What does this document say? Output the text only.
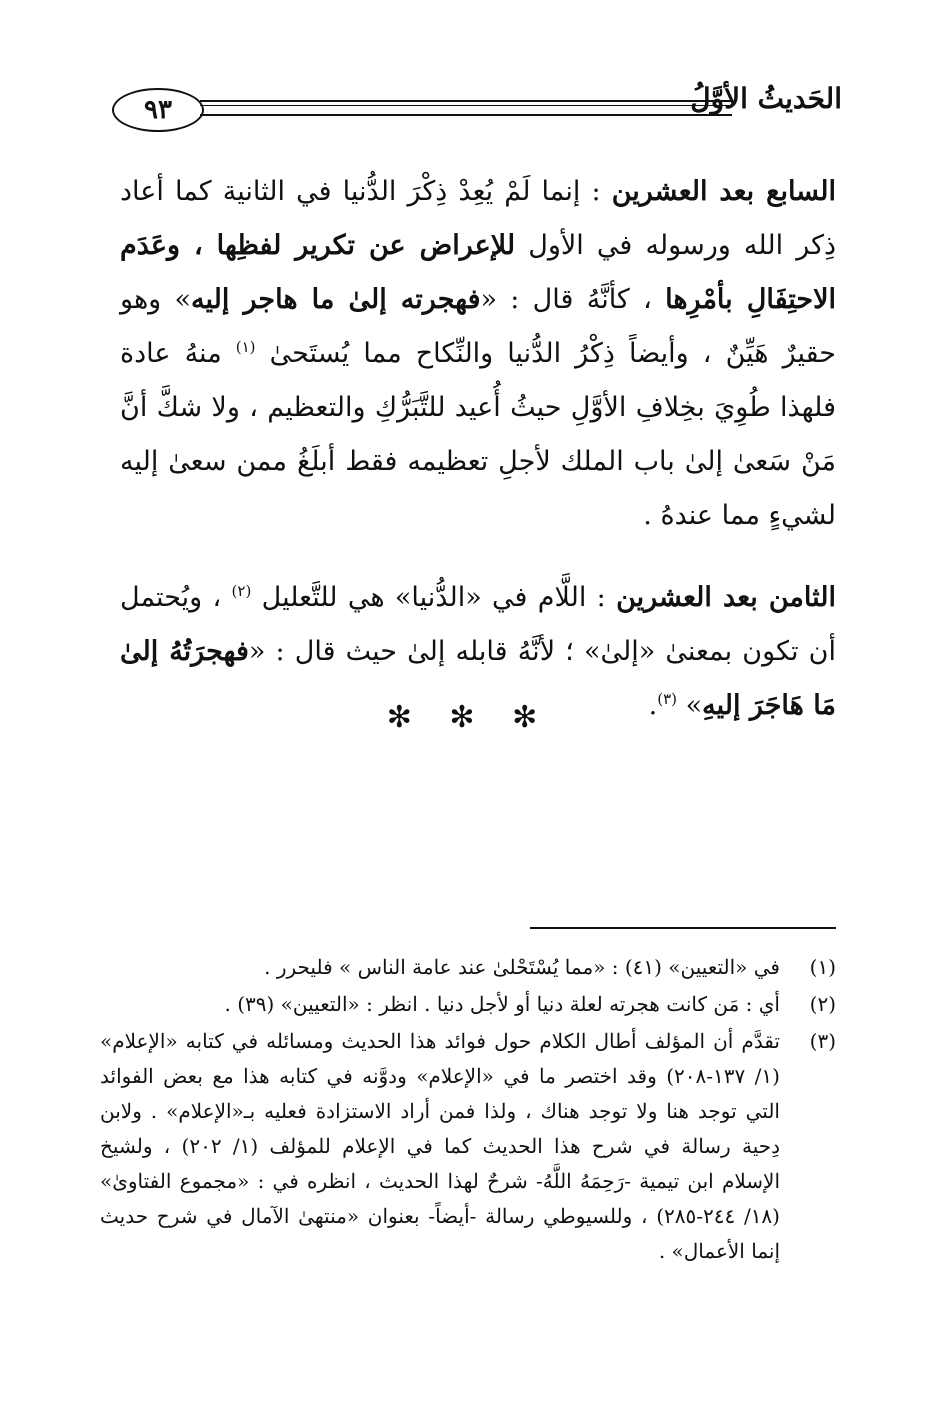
٩٣	الحَديثُ الأوَّلُ

السابع بعد العشرين : إنما لَمْ يُعِدْ ذِكْرَ الدُّنيا في الثانية كما أعاد ذِكر الله ورسوله في الأول للإعراض عن تكرير لفظِها ، وعَدَم الاحتِفَالِ بأمْرِها ، كأنَّهُ قال : «فهجرته إلىٰ ما هاجر إليه» وهو حقيرٌ هَيِّنٌ ، وأيضاً ذِكْرُ الدُّنيا والنِّكاح مما يُستَحىٰ $^{(١)}$ منهُ عادة فلهذا طُوِيَ بخِلافِ الأوَّلِ حيثُ أُعيد للتَّبَرُّكِ والتعظيم ، ولا شكَّ أنَّ مَنْ سَعىٰ إلىٰ باب الملك لأجلِ تعظيمه فقط أبلَغُ ممن سعىٰ إليه لشيءٍ مما عندهُ .

الثامن بعد العشرين : اللَّام في «الدُّنيا» هي للتَّعليل $^{(٢)}$ ، ويُحتمل أن تكون بمعنىٰ «إلىٰ» ؛ لأنَّهُ قابله إلىٰ حيث قال : «فهجرَتُهُ إلىٰ مَا هَاجَرَ إليهِ» $^{(٣)}$.

✻ ✻ ✻
(١)
في «التعيين» (٤١) : «مما يُسْتَحْلىٰ عند عامة الناس » فليحرر .
(٢)
أي : مَن كانت هجرته لعلة دنيا أو لأجل دنيا . انظر : «التعيين» (٣٩) .
(٣)
تقدَّم أن المؤلف أطال الكلام حول فوائد هذا الحديث ومسائله في كتابه «الإعلام» (١/ ١٣٧-٢٠٨) وقد اختصر ما في «الإعلام» ودوَّنه في كتابه هذا مع بعض الفوائد التي توجد هنا ولا توجد هناك ، ولذا فمن أراد الاستزادة فعليه بـ«الإعلام» . ولابن دِحية رسالة في شرح هذا الحديث كما في الإعلام للمؤلف (١/ ٢٠٢) ، ولشيخ الإسلام ابن تيمية -رَحِمَهُ اللَّهُ- شرحٌ لهذا الحديث ، انظره في : «مجموع الفتاوىٰ» (١٨/ ٢٤٤-٢٨٥) ، وللسيوطي رسالة -أيضاً- بعنوان «منتهىٰ الآمال في شرح حديث إنما الأعمال» .
